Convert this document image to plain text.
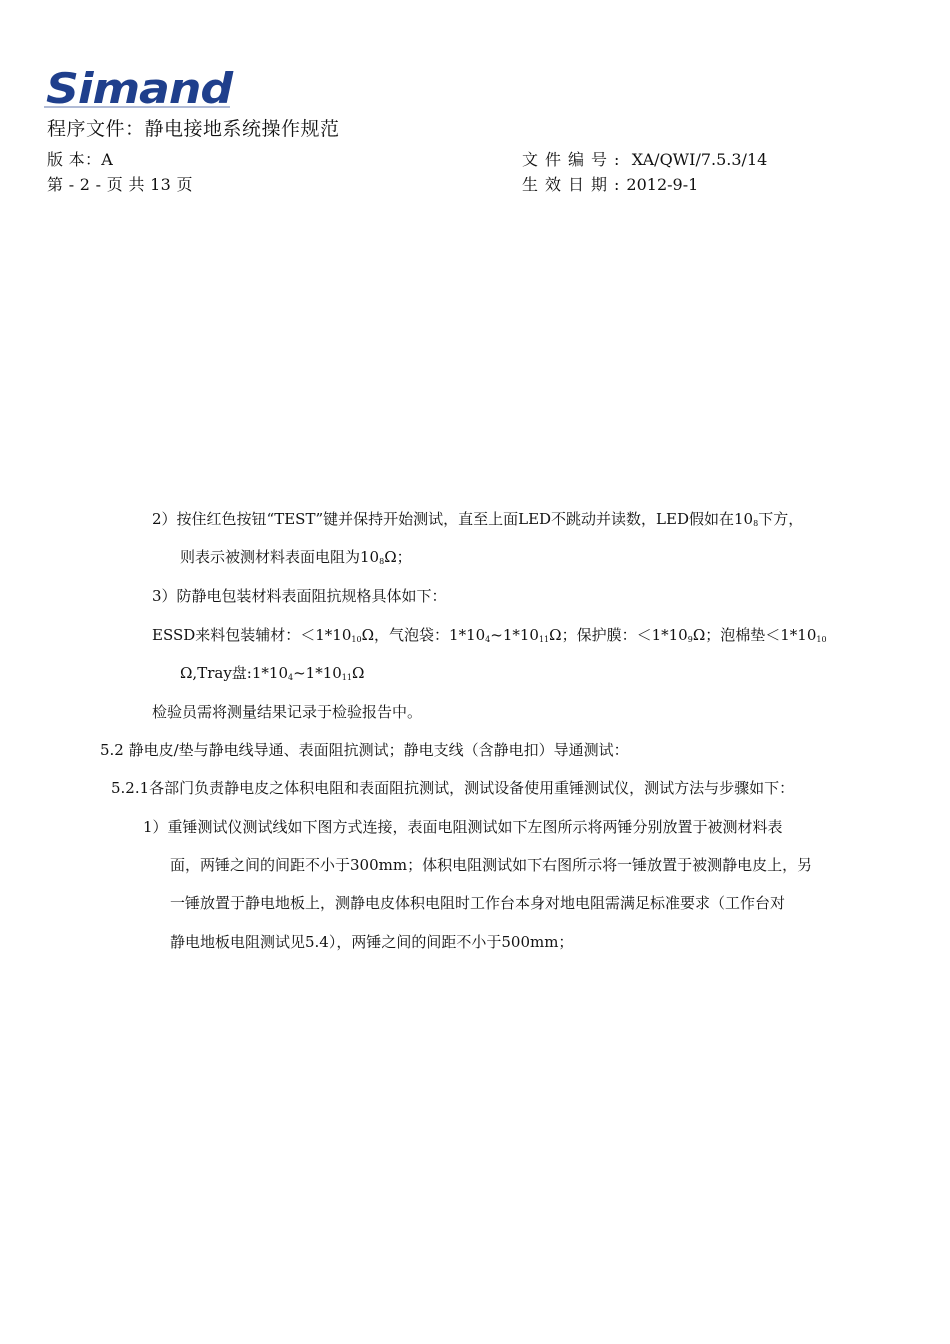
Simand
程序文件：静电接地系统操作规范
版 本：A
第 - 2 - 页 共 13 页
文件编号: XA/QWI/7.5.3/14
生效日期:2012-9-1
2）按住红色按钮“TEST”键并保持开始测试，直至上面LED不跳动并读数，LED假如在$10_8$下方，
则表示被测材料表面电阻为$10_8\Omega$；
3）防静电包装材料表面阻抗规格具体如下：
ESSD来料包装辅材：$<1*10_{10}\Omega$，气泡袋：$1*10_4\sim 1*10_{11}\Omega$；保护膜：$<1*10_9\Omega$；泡棉垫$<1*10_{10}$
Ω,Tray盘$:1*10_4\sim 1*10_{11}\Omega$
检验员需将测量结果记录于检验报告中。
5.2 静电皮/垫与静电线导通、表面阻抗测试；静电支线（含静电扣）导通测试：
5.2.1各部门负责静电皮之体积电阻和表面阻抗测试，测试设备使用重锤测试仪，测试方法与步骤如下：
1）重锤测试仪测试线如下图方式连接，表面电阻测试如下左图所示将两锤分别放置于被测材料表
面，两锤之间的间距不小于300mm；体积电阻测试如下右图所示将一锤放置于被测静电皮上，另
一锤放置于静电地板上，测静电皮体积电阻时工作台本身对地电阻需满足标准要求（工作台对
静电地板电阻测试见5.4），两锤之间的间距不小于500mm；
